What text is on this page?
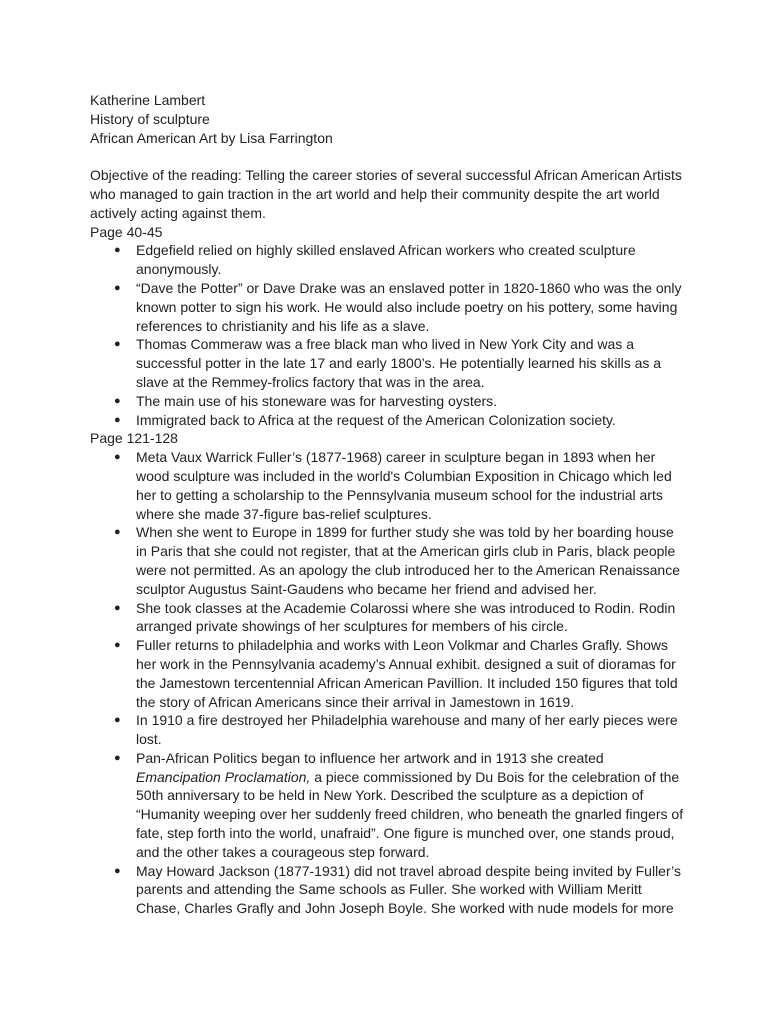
Katherine Lambert

History of sculpture

African American Art by Lisa Farrington

Objective of the reading: Telling the career stories of several successful African American Artists who managed to gain traction in the art world and help their community despite the art world actively acting against them.

Page 40-45

● Edgefield relied on highly skilled enslaved African workers who created sculpture anonymously.
● “Dave the Potter” or Dave Drake was an enslaved potter in 1820-1860 who was the only known potter to sign his work. He would also include poetry on his pottery, some having references to christianity and his life as a slave.
● Thomas Commeraw was a free black man who lived in New York City and was a successful potter in the late 17 and early 1800’s. He potentially learned his skills as a slave at the Remmey-frolics factory that was in the area.
● The main use of his stoneware was for harvesting oysters.
● Immigrated back to Africa at the request of the American Colonization society.

Page 121-128

● Meta Vaux Warrick Fuller’s (1877-1968) career in sculpture began in 1893 when her wood sculpture was included in the world's Columbian Exposition in Chicago which led her to getting a scholarship to the Pennsylvania museum school for the industrial arts where she made 37-figure bas-relief sculptures.
● When she went to Europe in 1899 for further study she was told by her boarding house in Paris that she could not register, that at the American girls club in Paris, black people were not permitted. As an apology the club introduced her to the American Renaissance sculptor Augustus Saint-Gaudens who became her friend and advised her.
● She took classes at the Academie Colarossi where she was introduced to Rodin. Rodin arranged private showings of her sculptures for members of his circle.
● Fuller returns to philadelphia and works with Leon Volkmar and Charles Grafly. Shows her work in the Pennsylvania academy’s Annual exhibit. designed a suit of dioramas for the Jamestown tercentennial African American Pavillion. It included 150 figures that told the story of African Americans since their arrival in Jamestown in 1619.
● In 1910 a fire destroyed her Philadelphia warehouse and many of her early pieces were lost.
● Pan-African Politics began to influence her artwork and in 1913 she created Emancipation Proclamation, a piece commissioned by Du Bois for the celebration of the 50th anniversary to be held in New York. Described the sculpture as a depiction of “Humanity weeping over her suddenly freed children, who beneath the gnarled fingers of fate, step forth into the world, unafraid”. One figure is munched over, one stands proud, and the other takes a courageous step forward.
● May Howard Jackson (1877-1931) did not travel abroad despite being invited by Fuller’s parents and attending the Same schools as Fuller. She worked with William Meritt Chase, Charles Grafly and John Joseph Boyle. She worked with nude models for more
